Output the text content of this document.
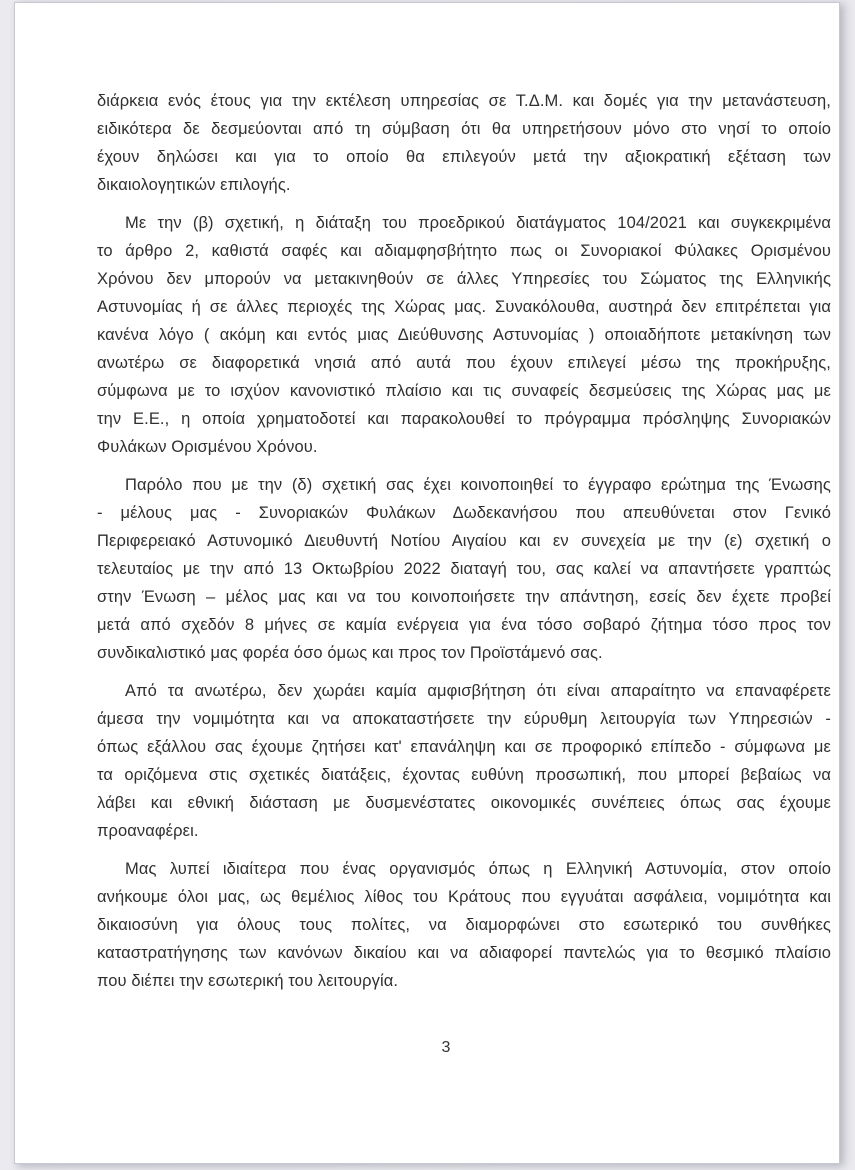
διάρκεια ενός έτους για την εκτέλεση υπηρεσίας σε Τ.Δ.Μ. και δομές για την μετανάστευση,
ειδικότερα δε δεσμεύονται από τη σύμβαση ότι θα υπηρετήσουν μόνο στο νησί το οποίο
έχουν δηλώσει και για το οποίο θα επιλεγούν μετά την αξιοκρατική εξέταση των
δικαιολογητικών επιλογής.
Με την (β) σχετική, η διάταξη του προεδρικού διατάγματος 104/2021 και συγκεκριμένα
το άρθρο 2, καθιστά σαφές και αδιαμφησβήτητο πως οι Συνοριακοί Φύλακες Ορισμένου
Χρόνου δεν μπορούν να μετακινηθούν σε άλλες Υπηρεσίες του Σώματος της Ελληνικής
Αστυνομίας ή σε άλλες περιοχές της Χώρας μας. Συνακόλουθα, αυστηρά δεν επιτρέπεται για
κανένα λόγο ( ακόμη και εντός μιας Διεύθυνσης Αστυνομίας ) οποιαδήποτε μετακίνηση των
ανωτέρω σε διαφορετικά νησιά από αυτά που έχουν επιλεγεί μέσω της προκήρυξης,
σύμφωνα με το ισχύον κανονιστικό πλαίσιο και τις συναφείς δεσμεύσεις της Χώρας μας με
την Ε.Ε., η οποία χρηματοδοτεί και παρακολουθεί το πρόγραμμα πρόσληψης Συνοριακών
Φυλάκων Ορισμένου Χρόνου.
Παρόλο που με την (δ) σχετική σας έχει κοινοποιηθεί το έγγραφο ερώτημα της Ένωσης
- μέλους μας - Συνοριακών Φυλάκων Δωδεκανήσου που απευθύνεται στον Γενικό
Περιφερειακό Αστυνομικό Διευθυντή Νοτίου Αιγαίου και εν συνεχεία με την (ε) σχετική ο
τελευταίος με την από 13 Οκτωβρίου 2022 διαταγή του, σας καλεί να απαντήσετε γραπτώς
στην Ένωση – μέλος μας και να του κοινοποιήσετε την απάντηση, εσείς δεν έχετε προβεί
μετά από σχεδόν 8 μήνες σε καμία ενέργεια για ένα τόσο σοβαρό ζήτημα τόσο προς τον
συνδικαλιστικό μας φορέα όσο όμως και προς τον Προϊστάμενό σας.
Από τα ανωτέρω, δεν χωράει καμία αμφισβήτηση ότι είναι απαραίτητο να επαναφέρετε
άμεσα την νομιμότητα και να αποκαταστήσετε την εύρυθμη λειτουργία των Υπηρεσιών -
όπως εξάλλου σας έχουμε ζητήσει κατ' επανάληψη και σε προφορικό επίπεδο - σύμφωνα με
τα οριζόμενα στις σχετικές διατάξεις, έχοντας ευθύνη προσωπική, που μπορεί βεβαίως να
λάβει και εθνική διάσταση με δυσμενέστατες οικονομικές συνέπειες όπως σας έχουμε
προαναφέρει.
Μας λυπεί ιδιαίτερα που ένας οργανισμός όπως η Ελληνική Αστυνομία, στον οποίο
ανήκουμε όλοι μας, ως θεμέλιος λίθος του Κράτους που εγγυάται ασφάλεια, νομιμότητα και
δικαιοσύνη για όλους τους πολίτες, να διαμορφώνει στο εσωτερικό του συνθήκες
καταστρατήγησης των κανόνων δικαίου και να αδιαφορεί παντελώς για το θεσμικό πλαίσιο
που διέπει την εσωτερική του λειτουργία.
3
